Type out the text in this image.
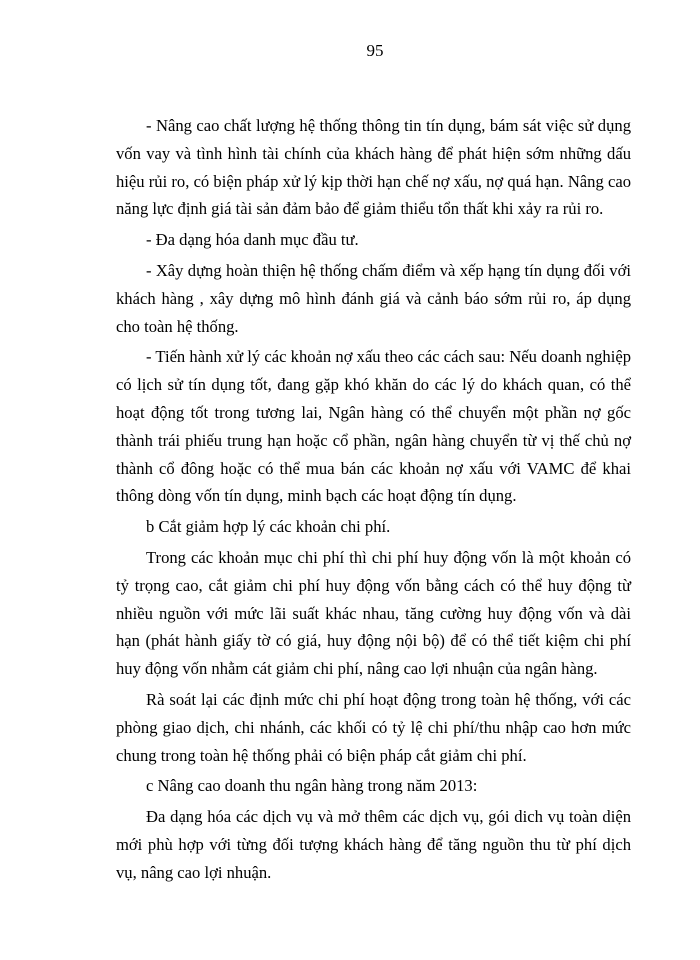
95

- Nâng cao chất lượng hệ thống thông tin tín dụng, bám sát việc sử dụng vốn vay và tình hình tài chính của khách hàng để phát hiện sớm những dấu hiệu rủi ro, có biện pháp xử lý kịp thời hạn chế nợ xấu, nợ quá hạn. Nâng cao năng lực định giá tài sản đảm bảo để giảm thiểu tổn thất khi xảy ra rủi ro.

- Đa dạng hóa danh mục đầu tư.

- Xây dựng hoàn thiện hệ thống chấm điểm và xếp hạng tín dụng đối với khách hàng , xây dựng mô hình đánh giá và cảnh báo sớm rủi ro, áp dụng cho toàn hệ thống.

- Tiến hành xử lý các khoản nợ xấu theo các cách sau: Nếu doanh nghiệp có lịch sử tín dụng tốt, đang gặp khó khăn do các lý do khách quan, có thể hoạt động tốt trong tương lai, Ngân hàng có thể chuyển một phần nợ gốc thành trái phiếu trung hạn hoặc cổ phần, ngân hàng chuyển từ vị thế chủ nợ thành cổ đông hoặc có thể mua bán các khoản nợ xấu với VAMC để khai thông dòng vốn tín dụng, minh bạch các hoạt động tín dụng.

b Cắt giảm hợp lý các khoản chi phí.

Trong các khoản mục chi phí thì chi phí huy động vốn là một khoản có tỷ trọng cao, cắt giảm chi phí huy động vốn bằng cách có thể huy động từ nhiều nguồn với mức lãi suất khác nhau, tăng cường huy động vốn và dài hạn (phát hành giấy tờ có giá, huy động nội bộ) để có thể tiết kiệm chi phí huy động vốn nhằm cát giảm chi phí, nâng cao lợi nhuận của ngân hàng.

Rà soát lại các định mức chi phí hoạt động trong toàn hệ thống, với các phòng giao dịch, chi nhánh, các khối có tỷ lệ chi phí/thu nhập cao hơn mức chung trong toàn hệ thống phải có biện pháp cắt giảm chi phí.

c Nâng cao doanh thu ngân hàng trong năm 2013:

Đa dạng hóa các dịch vụ và mở thêm các dịch vụ, gói dich vụ toàn diện mới phù hợp với từng đối tượng khách hàng để tăng nguồn thu từ phí dịch vụ, nâng cao lợi nhuận.
